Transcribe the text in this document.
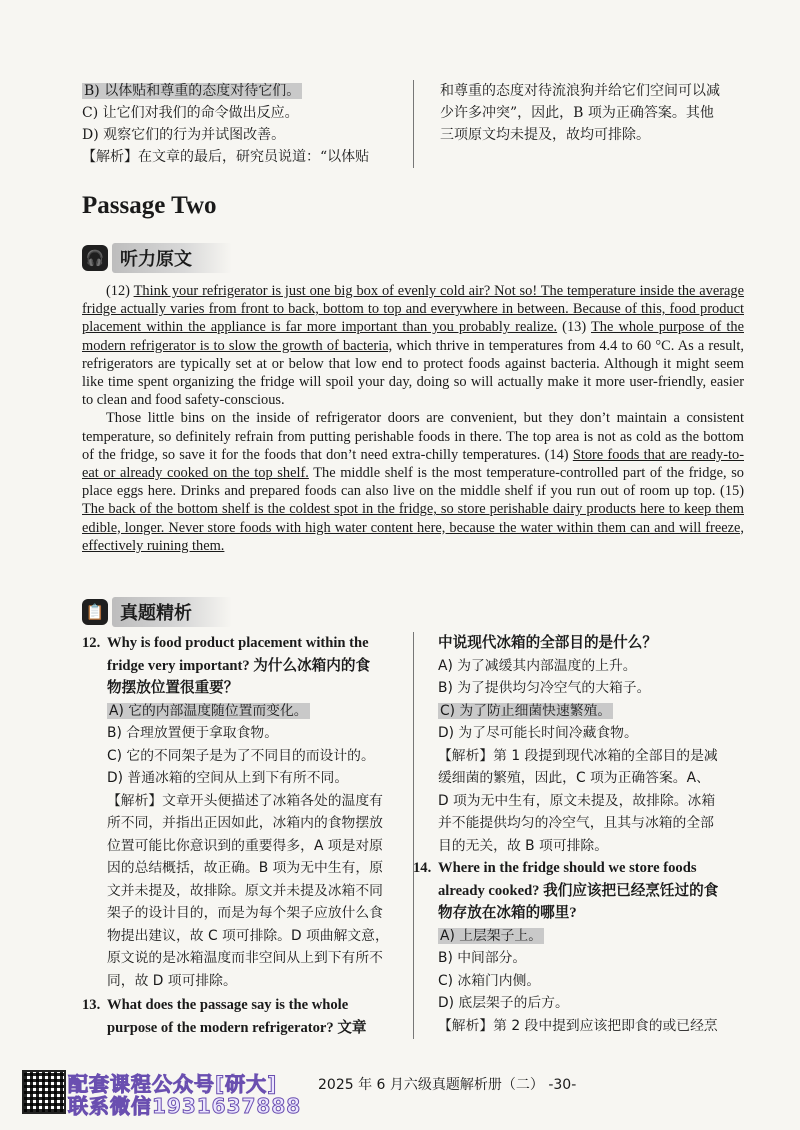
B) 以体贴和尊重的态度对待它们。
C) 让它们对我们的命令做出反应。
D) 观察它们的行为并试图改善。
【解析】在文章的最后，研究员说道：“以体贴
和尊重的态度对待流浪狗并给它们空间可以减
少许多冲突”，因此，B 项为正确答案。其他
三项原文均未提及，故均可排除。
Passage Two
🎧 听力原文

(12) Think your refrigerator is just one big box of evenly cold air? Not so! The temperature inside the average fridge actually varies from front to back, bottom to top and everywhere in between. Because of this, food product placement within the appliance is far more important than you probably realize. (13) The whole purpose of the modern refrigerator is to slow the growth of bacteria, which thrive in temperatures from 4.4 to 60 °C. As a result, refrigerators are typically set at or below that low end to protect foods against bacteria. Although it might seem like time spent organizing the fridge will spoil your day, doing so will actually make it more user-friendly, easier to clean and food safety-conscious.

Those little bins on the inside of refrigerator doors are convenient, but they don’t maintain a consistent temperature, so definitely refrain from putting perishable foods in there. The top area is not as cold as the bottom of the fridge, so save it for the foods that don’t need extra-chilly temperatures. (14) Store foods that are ready-to-eat or already cooked on the top shelf. The middle shelf is the most temperature-controlled part of the fridge, so place eggs here. Drinks and prepared foods can also live on the middle shelf if you run out of room up top. (15) The back of the bottom shelf is the coldest spot in the fridge, so store perishable dairy products here to keep them edible, longer. Never store foods with high water content here, because the water within them can and will freeze, effectively ruining them.

📋 真题精析
12. Why is food product placement within the
fridge very important? 为什么冰箱内的食
物摆放位置很重要？
A) 它的内部温度随位置而变化。
B) 合理放置便于拿取食物。
C) 它的不同架子是为了不同目的而设计的。
D) 普通冰箱的空间从上到下有所不同。
【解析】文章开头便描述了冰箱各处的温度有
所不同，并指出正因如此，冰箱内的食物摆放
位置可能比你意识到的重要得多，A 项是对原
因的总结概括，故正确。B 项为无中生有，原
文并未提及，故排除。原文并未提及冰箱不同
架子的设计目的，而是为每个架子应放什么食
物提出建议，故 C 项可排除。D 项曲解文意，
原文说的是冰箱温度而非空间从上到下有所不
同，故 D 项可排除。
13. What does the passage say is the whole
purpose of the modern refrigerator? 文章
中说现代冰箱的全部目的是什么？
A) 为了减缓其内部温度的上升。
B) 为了提供均匀冷空气的大箱子。
C) 为了防止细菌快速繁殖。
D) 为了尽可能长时间冷藏食物。
【解析】第 1 段提到现代冰箱的全部目的是减
缓细菌的繁殖，因此，C 项为正确答案。A、
D 项为无中生有，原文未提及，故排除。冰箱
并不能提供均匀的冷空气，且其与冰箱的全部
目的无关，故 B 项可排除。
14. Where in the fridge should we store foods
already cooked? 我们应该把已经烹饪过的食
物存放在冰箱的哪里?
A) 上层架子上。
B) 中间部分。
C) 冰箱门内侧。
D) 底层架子的后方。
【解析】第 2 段中提到应该把即食的或已经烹
配套课程公众号[研大]
联系微信1931637888
2025 年 6 月六级真题解析册（二） -30-
